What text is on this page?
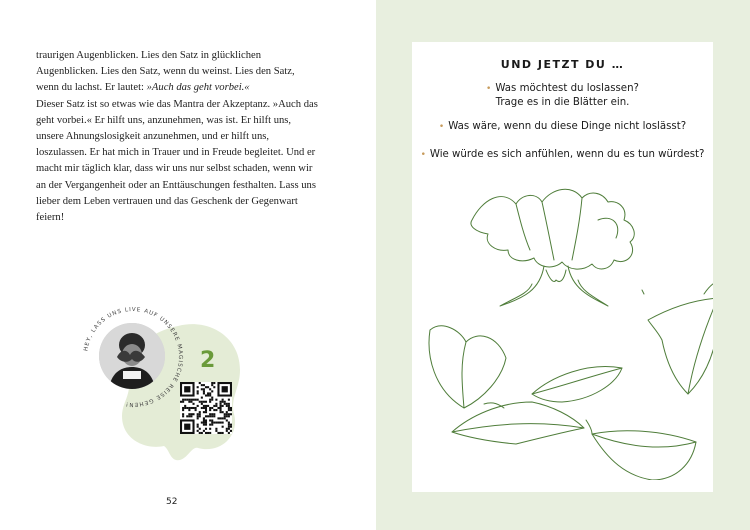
traurigen Augenblicken. Lies den Satz in glücklichen Augenblicken. Lies den Satz, wenn du weinst. Lies den Satz, wenn du lachst. Er lautet: »Auch das geht vorbei.«

Dieser Satz ist so etwas wie das Mantra der Akzeptanz. »Auch das geht vorbei.« Er hilft uns, anzunehmen, was ist. Er hilft uns, unsere Ahnungslosigkeit anzunehmen, und er hilft uns, loszulassen. Er hat mich in Trauer und in Freude begleitet. Und er macht mir täglich klar, dass wir uns nur selbst schaden, wenn wir an der Vergangenheit oder an Enttäuschungen festhalten. Lass uns lieber dem Leben vertrauen und das Geschenk der Gegenwart feiern!

HEY, LASS UNS LIVE AUF UNSERE MAGISCHE REISE GEHEN!
2
52
UND JETZT DU …
• Was möchtest du loslassen?
Trage es in die Blätter ein.
• Was wäre, wenn du diese Dinge nicht loslässt?
• Wie würde es sich anfühlen, wenn du es tun würdest?
